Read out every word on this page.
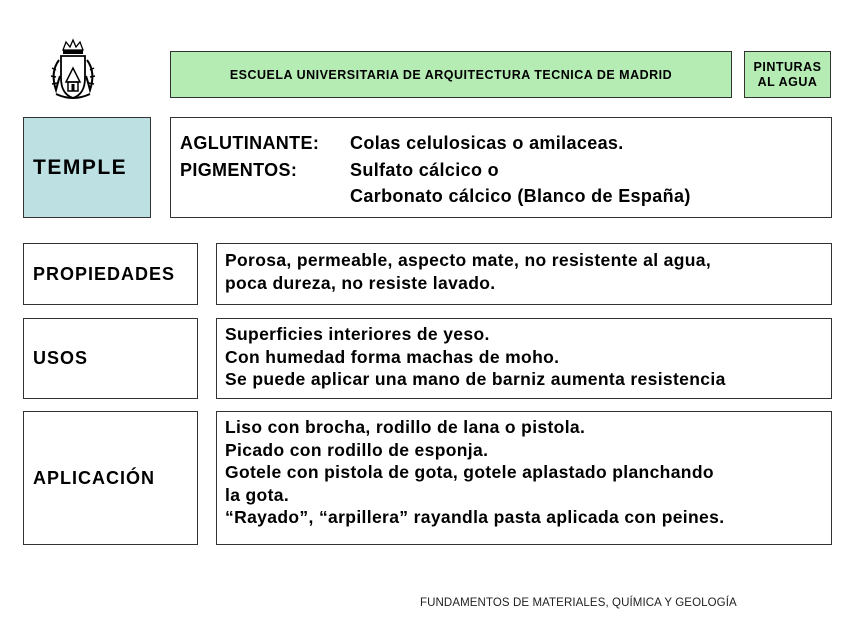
ESCUELA UNIVERSITARIA DE ARQUITECTURA TECNICA DE MADRID
PINTURAS
AL AGUA
TEMPLE
AGLUTINANTE:	Colas celulosicas o amilaceas.
PIGMENTOS:	Sulfato cálcico o
Carbonato cálcico (Blanco de España)
PROPIEDADES
Porosa, permeable, aspecto mate, no resistente al agua,
poca dureza, no resiste lavado.
USOS
Superficies interiores de yeso.
Con humedad forma machas de moho.
Se puede aplicar una mano de barniz aumenta resistencia
APLICACIÓN
Liso con brocha, rodillo de lana o pistola.
Picado con rodillo de esponja.
Gotele con pistola de gota, gotele aplastado planchando
la gota.
“Rayado”, “arpillera” rayandla pasta aplicada con peines.
FUNDAMENTOS DE MATERIALES, QUÍMICA Y GEOLOGÍA
